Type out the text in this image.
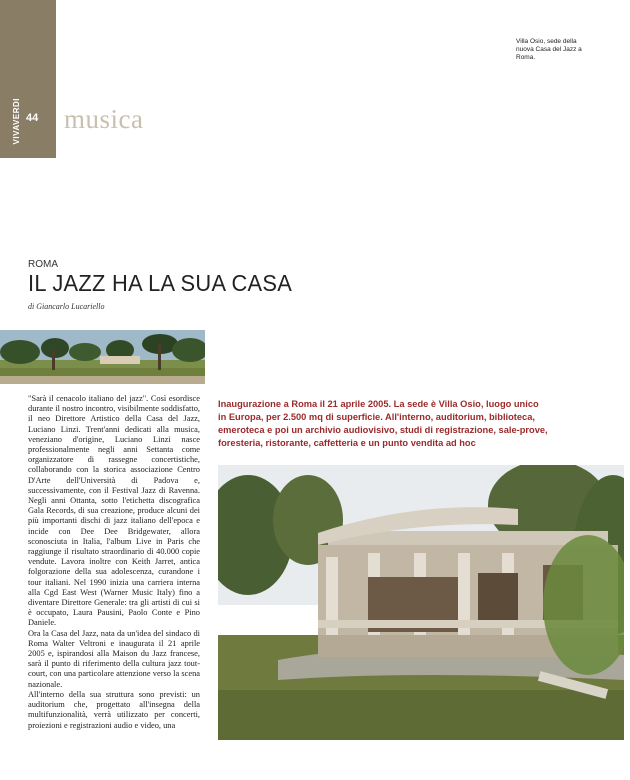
VIVAVERDI 44 musica
Villa Osio, sede della nuova Casa del Jazz a Roma.
ROMA
IL JAZZ HA LA SUA CASA
di Giancarlo Lucariello
Inaugurazione a Roma il 21 aprile 2005. La sede è Villa Osio, luogo unico in Europa, per 2.500 mq di superficie. All'interno, auditorium, biblioteca, emeroteca e poi un archivio audiovisivo, studi di registrazione, sale-prove, foresteria, ristorante, caffetteria e un punto vendita ad hoc

"Sarà il cenacolo italiano del jazz". Così esordisce durante il nostro incontro, visibilmente soddisfatto, il neo Direttore Artistico della Casa del Jazz, Luciano Linzi. Trent'anni dedicati alla musica, veneziano d'origine, Luciano Linzi nasce professionalmente negli anni Settanta come organizzatore di rassegne concertistiche, collaborando con la storica associazione Centro D'Arte dell'Università di Padova e, successivamente, con il Festival Jazz di Ravenna. Negli anni Ottanta, sotto l'etichetta discografica Gala Records, di sua creazione, produce alcuni dei più importanti dischi di jazz italiano dell'epoca e incide con Dee Dee Bridgewater, allora sconosciuta in Italia, l'album Live in Paris che raggiunge il risultato straordinario di 40.000 copie vendute. Lavora inoltre con Keith Jarret, antica folgorazione della sua adolescenza, curandone i tour italiani. Nel 1990 inizia una carriera interna alla Cgd East West (Warner Music Italy) fino a diventare Direttore Generale: tra gli artisti di cui si è occupato, Laura Pausini, Paolo Conte e Pino Daniele.

Ora la Casa del Jazz, nata da un'idea del sindaco di Roma Walter Veltroni e inaugurata il 21 aprile 2005 e, ispirandosi alla Maison du Jazz francese, sarà il punto di riferimento della cultura jazz tout-court, con una particolare attenzione verso la scena nazionale.

All'interno della sua struttura sono previsti: un auditorium che, progettato all'insegna della multifunzionalità, verrà utilizzato per concerti, proiezioni e registrazioni audio e video, una
